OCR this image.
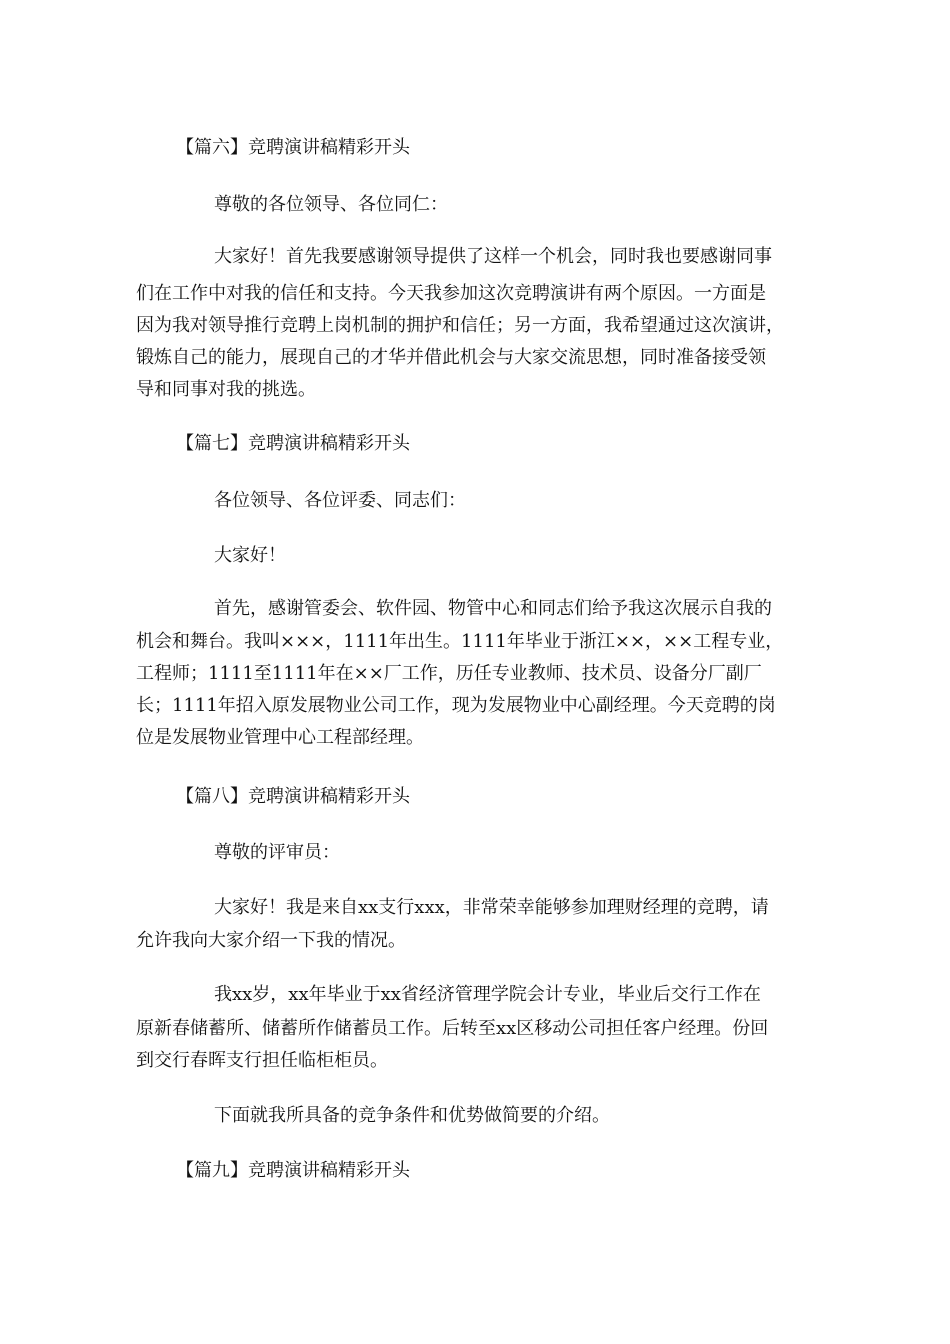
【篇六】竞聘演讲稿精彩开头
尊敬的各位领导、各位同仁：
大家好！首先我要感谢领导提供了这样一个机会，同时我也要感谢同事
们在工作中对我的信任和支持。今天我参加这次竞聘演讲有两个原因。一方面是
因为我对领导推行竞聘上岗机制的拥护和信任；另一方面，我希望通过这次演讲，
锻炼自己的能力，展现自己的才华并借此机会与大家交流思想，同时准备接受领
导和同事对我的挑选。
【篇七】竞聘演讲稿精彩开头
各位领导、各位评委、同志们：
大家好！
首先，感谢管委会、软件园、物管中心和同志们给予我这次展示自我的
机会和舞台。我叫×××，1111年出生。1111年毕业于浙江××，××工程专业，
工程师；1111至1111年在××厂工作，历任专业教师、技术员、设备分厂副厂
长；1111年招入原发展物业公司工作，现为发展物业中心副经理。今天竞聘的岗
位是发展物业管理中心工程部经理。
【篇八】竞聘演讲稿精彩开头
尊敬的评审员：
大家好！我是来自xx支行xxx，非常荣幸能够参加理财经理的竞聘，请
允许我向大家介绍一下我的情况。
我xx岁，xx年毕业于xx省经济管理学院会计专业，毕业后交行工作在
原新春储蓄所、储蓄所作储蓄员工作。后转至xx区移动公司担任客户经理。份回
到交行春晖支行担任临柜柜员。
下面就我所具备的竞争条件和优势做简要的介绍。
【篇九】竞聘演讲稿精彩开头
